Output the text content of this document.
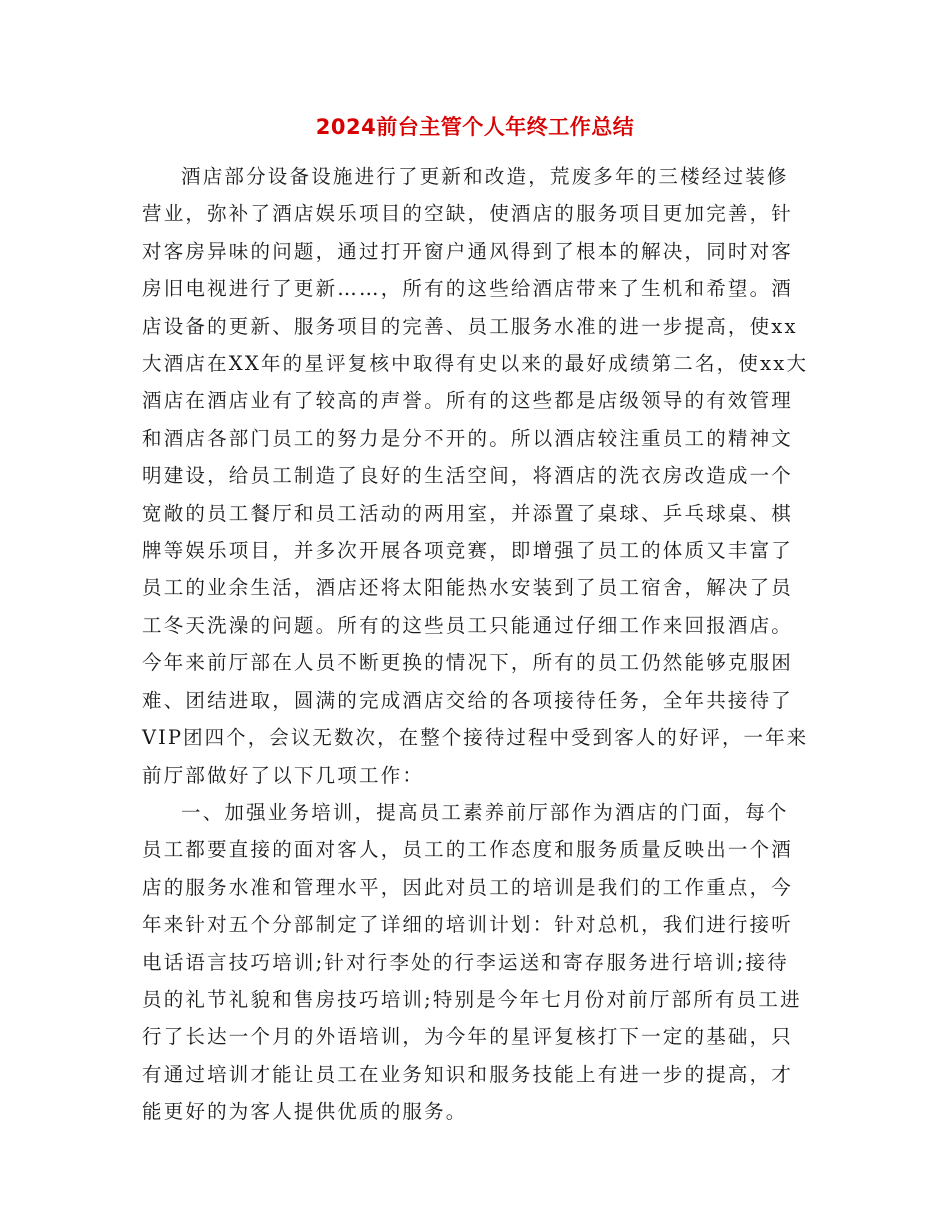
2024前台主管个人年终工作总结
酒店部分设备设施进行了更新和改造，荒废多年的三楼经过装修
营业，弥补了酒店娱乐项目的空缺，使酒店的服务项目更加完善，针
对客房异味的问题，通过打开窗户通风得到了根本的解决，同时对客
房旧电视进行了更新……，所有的这些给酒店带来了生机和希望。酒
店设备的更新、服务项目的完善、员工服务水准的进一步提高，使xx
大酒店在XX年的星评复核中取得有史以来的最好成绩第二名，使xx大
酒店在酒店业有了较高的声誉。所有的这些都是店级领导的有效管理
和酒店各部门员工的努力是分不开的。所以酒店较注重员工的精神文
明建设，给员工制造了良好的生活空间，将酒店的洗衣房改造成一个
宽敞的员工餐厅和员工活动的两用室，并添置了桌球、乒乓球桌、棋
牌等娱乐项目，并多次开展各项竞赛，即增强了员工的体质又丰富了
员工的业余生活，酒店还将太阳能热水安装到了员工宿舍，解决了员
工冬天洗澡的问题。所有的这些员工只能通过仔细工作来回报酒店。
今年来前厅部在人员不断更换的情况下，所有的员工仍然能够克服困
难、团结进取，圆满的完成酒店交给的各项接待任务，全年共接待了
VIP团四个，会议无数次，在整个接待过程中受到客人的好评，一年来
前厅部做好了以下几项工作：
一、加强业务培训，提高员工素养前厅部作为酒店的门面，每个
员工都要直接的面对客人，员工的工作态度和服务质量反映出一个酒
店的服务水准和管理水平，因此对员工的培训是我们的工作重点，今
年来针对五个分部制定了详细的培训计划：针对总机，我们进行接听
电话语言技巧培训;针对行李处的行李运送和寄存服务进行培训;接待
员的礼节礼貌和售房技巧培训;特别是今年七月份对前厅部所有员工进
行了长达一个月的外语培训，为今年的星评复核打下一定的基础，只
有通过培训才能让员工在业务知识和服务技能上有进一步的提高，才
能更好的为客人提供优质的服务。
